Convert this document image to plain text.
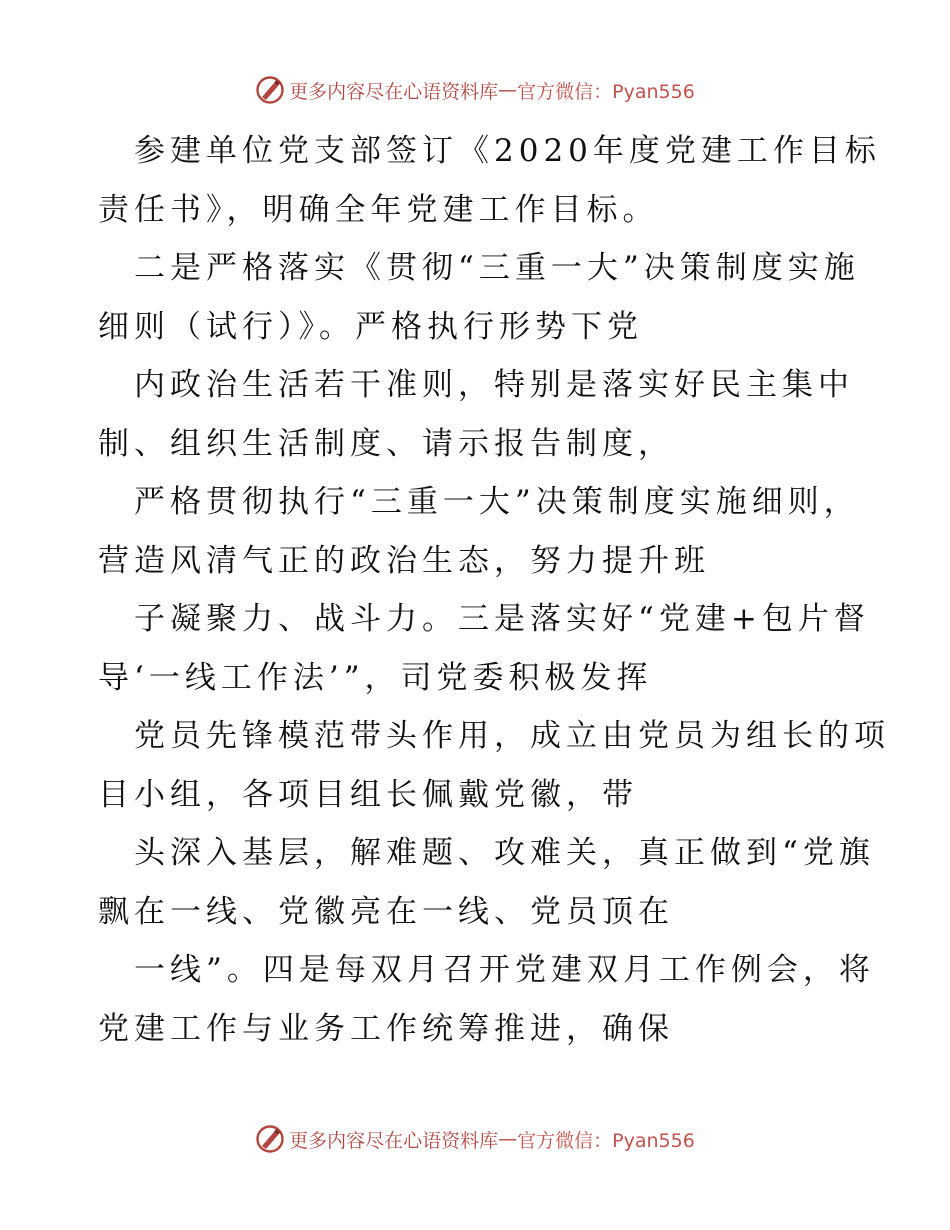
更多内容尽在心语资料库 — 官方微信：Pyan556
参建单位党支部签订《2020年度党建工作目标
责任书》，明确全年党建工作目标。
二是严格落实《贯彻“三重一大”决策制度实施
细则（试行）》。严格执行形势下党
内政治生活若干准则，特别是落实好民主集中
制、组织生活制度、请示报告制度，
严格贯彻执行“三重一大”决策制度实施细则，
营造风清气正的政治生态，努力提升班
子凝聚力、战斗力。三是落实好“党建+包片督
导‘一线工作法’”，司党委积极发挥
党员先锋模范带头作用，成立由党员为组长的项
目小组，各项目组长佩戴党徽，带
头深入基层，解难题、攻难关，真正做到“党旗
飘在一线、党徽亮在一线、党员顶在
一线”。四是每双月召开党建双月工作例会，将
党建工作与业务工作统筹推进，确保
更多内容尽在心语资料库 — 官方微信：Pyan556
